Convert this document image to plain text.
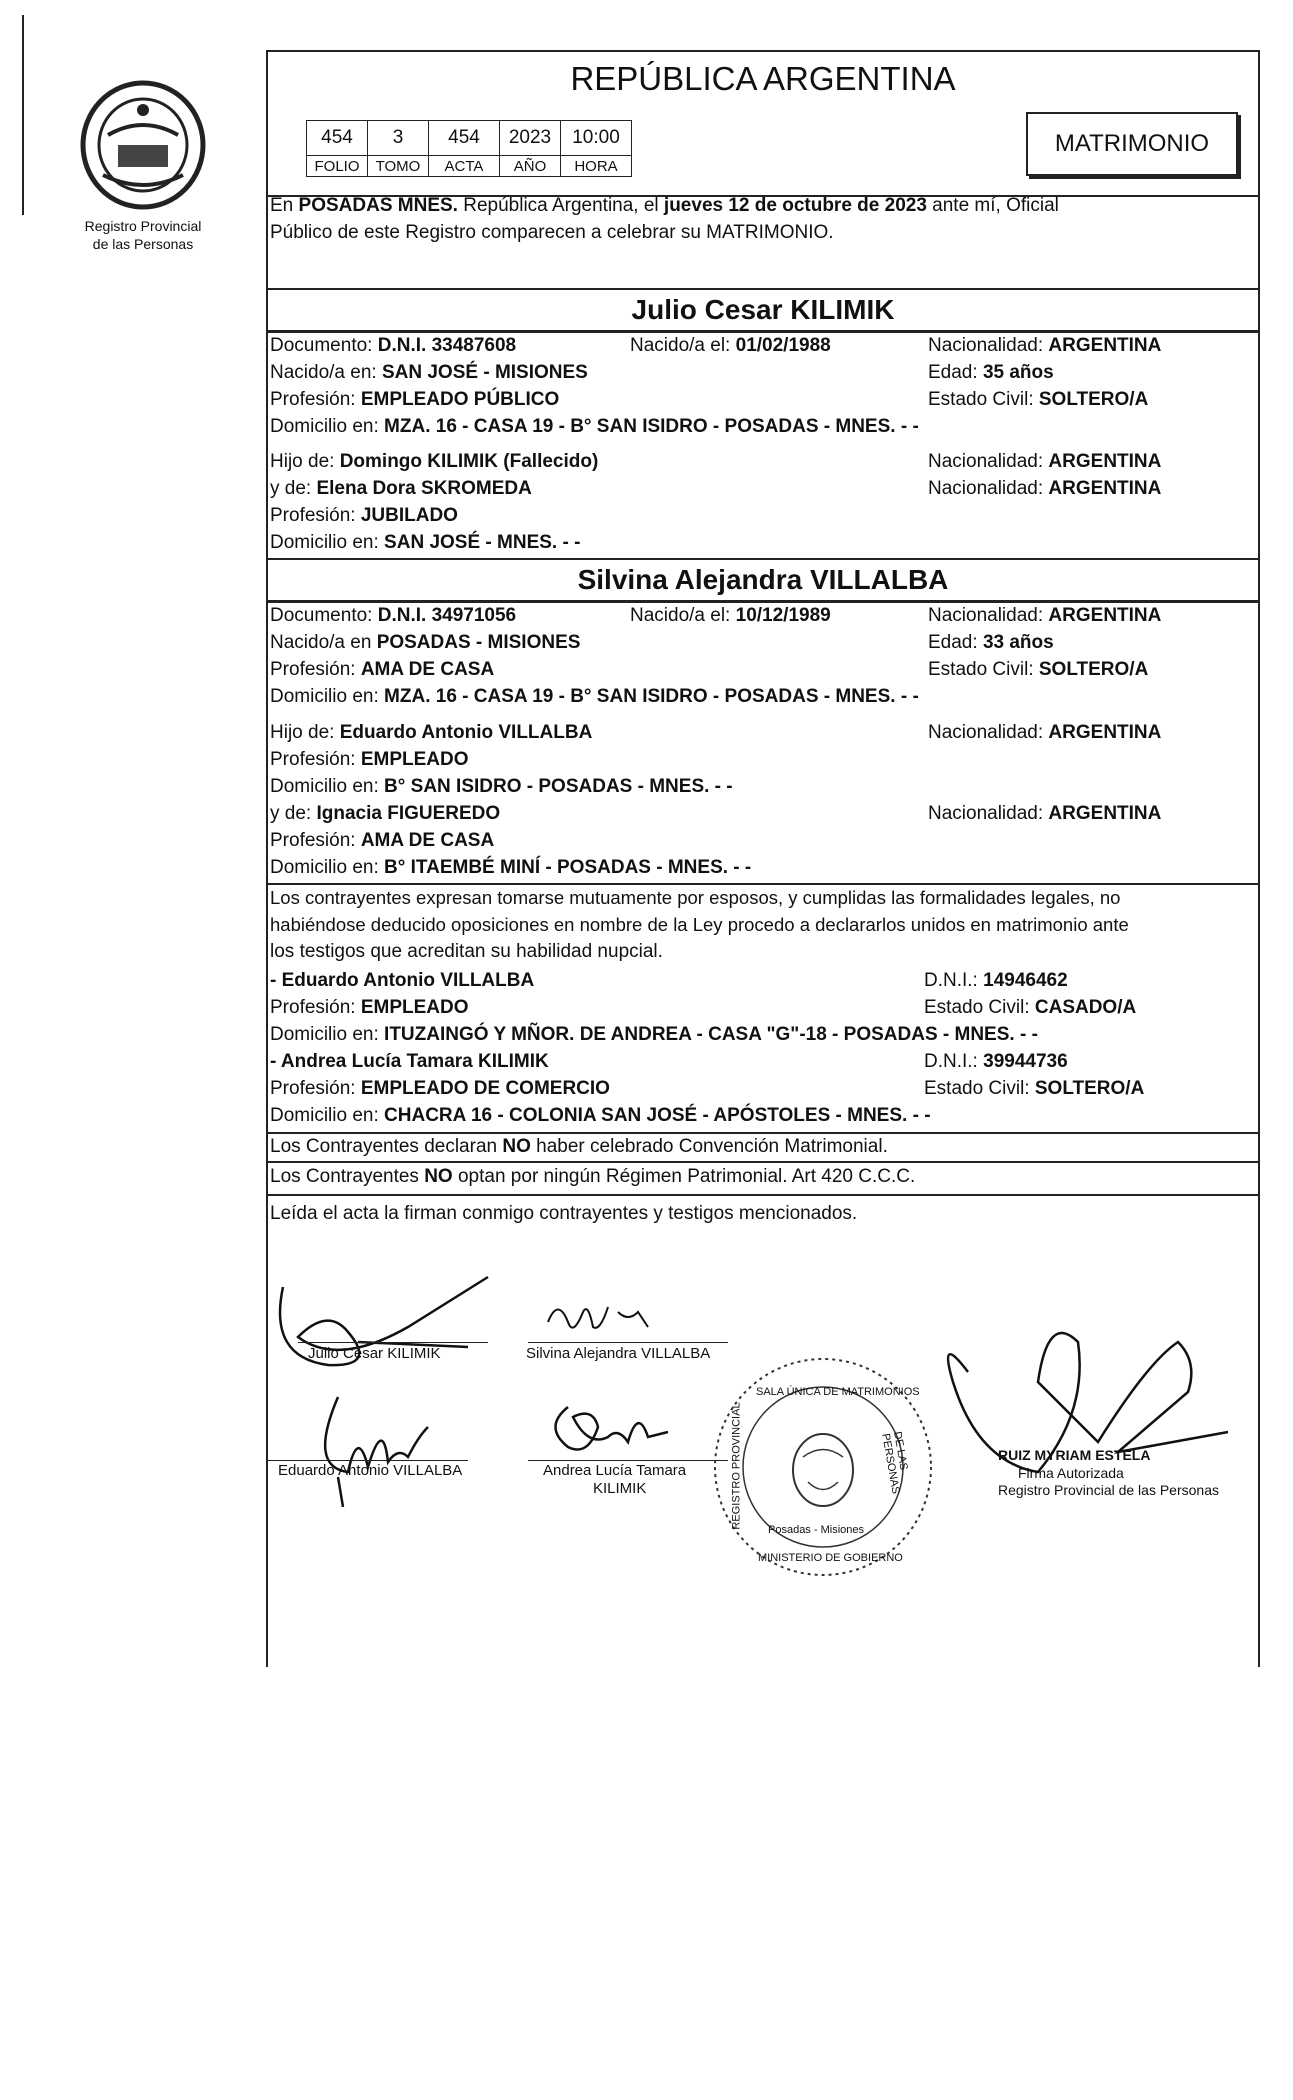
Registro Provincial
de las Personas
REPÚBLICA ARGENTINA
454	3	454	2023	10:00
FOLIO	TOMO	ACTA	AÑO	HORA
MATRIMONIO
En POSADAS MNES. República Argentina, el jueves 12 de octubre de 2023 ante mí, Oficial
Público de este Registro comparecen a celebrar su MATRIMONIO.
Julio Cesar KILIMIK
Documento: D.N.I. 33487608	Nacido/a el: 01/02/1988	Nacionalidad: ARGENTINA
Nacido/a en: SAN JOSÉ - MISIONES	Edad: 35 años
Profesión: EMPLEADO PÚBLICO	Estado Civil: SOLTERO/A
Domicilio en: MZA. 16 - CASA 19 - B° SAN ISIDRO - POSADAS - MNES. - -
Hijo de: Domingo KILIMIK (Fallecido)	Nacionalidad: ARGENTINA
y de: Elena Dora SKROMEDA	Nacionalidad: ARGENTINA
Profesión: JUBILADO
Domicilio en: SAN JOSÉ - MNES. - -
Silvina Alejandra VILLALBA
Documento: D.N.I. 34971056	Nacido/a el: 10/12/1989	Nacionalidad: ARGENTINA
Nacido/a en POSADAS - MISIONES	Edad: 33 años
Profesión: AMA DE CASA	Estado Civil: SOLTERO/A
Domicilio en: MZA. 16 - CASA 19 - B° SAN ISIDRO - POSADAS - MNES. - -
Hijo de: Eduardo Antonio VILLALBA	Nacionalidad: ARGENTINA
Profesión: EMPLEADO
Domicilio en: B° SAN ISIDRO - POSADAS - MNES. - -
y de: Ignacia FIGUEREDO	Nacionalidad: ARGENTINA
Profesión: AMA DE CASA
Domicilio en: B° ITAEMBÉ MINÍ - POSADAS - MNES. - -
Los contrayentes expresan tomarse mutuamente por esposos, y cumplidas las formalidades legales, no
habiéndose deducido oposiciones en nombre de la Ley procedo a declararlos unidos en matrimonio ante
los testigos que acreditan su habilidad nupcial.
- Eduardo Antonio VILLALBA	D.N.I.: 14946462
Profesión: EMPLEADO	Estado Civil: CASADO/A
Domicilio en: ITUZAINGÓ Y MÑOR. DE ANDREA - CASA "G"-18 - POSADAS - MNES. - -
- Andrea Lucía Tamara KILIMIK	D.N.I.: 39944736
Profesión: EMPLEADO DE COMERCIO	Estado Civil: SOLTERO/A
Domicilio en: CHACRA 16 - COLONIA SAN JOSÉ - APÓSTOLES - MNES. - -
Los Contrayentes declaran NO haber celebrado Convención Matrimonial.
Los Contrayentes NO optan por ningún Régimen Patrimonial. Art 420 C.C.C.
Leída el acta la firman conmigo contrayentes y testigos mencionados.
Julio Cesar KILIMIK	Silvina Alejandra VILLALBA
Eduardo Antonio VILLALBA	Andrea Lucía Tamara
KILIMIK
SALA ÚNICA DE MATRIMONIOS
REGISTRO PROVINCIAL	DE LAS PERSONAS
Posadas - Misiones
MINISTERIO DE GOBIERNO
RUIZ MYRIAM ESTELA
Firma Autorizada
Registro Provincial de las Personas
